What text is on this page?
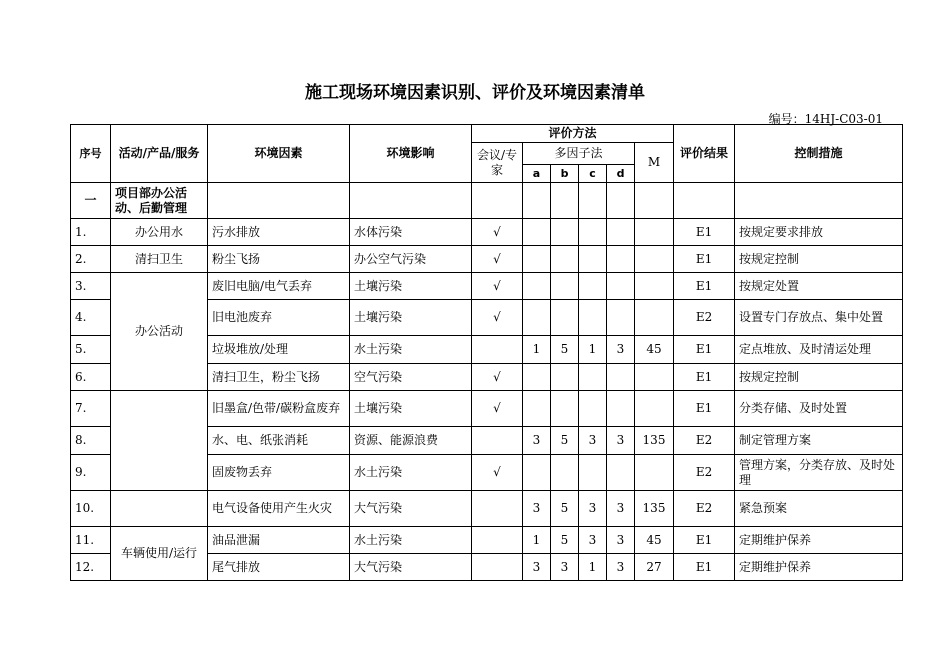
施工现场环境因素识别、评价及环境因素清单
编号：14HJ-C03-01
序号	活动/产品/服务	环境因素	环境影响	评价方法						评价结果	控制措施
				会议/专家	多因子法				M		
					a	b	c	d			
一	项目部办公活动、后勤管理										
1.	办公用水	污水排放	水体污染	√						E1	按规定要求排放
2.	清扫卫生	粉尘飞扬	办公空气污染	√						E1	按规定控制
3.	办公活动	废旧电脑/电气丢弃	土壤污染	√						E1	按规定处置
4.		旧电池废弃	土壤污染	√						E2	设置专门存放点、集中处置
5.		垃圾堆放/处理	水土污染		1	5	1	3	45	E1	定点堆放、及时清运处理
6.		清扫卫生，粉尘飞扬	空气污染	√						E1	按规定控制
7.		旧墨盒/色带/碳粉盒废弃	土壤污染	√						E1	分类存储、及时处置
8.		水、电、纸张消耗	资源、能源浪费		3	5	3	3	135	E2	制定管理方案
9.		固废物丢弃	水土污染	√						E2	管理方案，分类存放、及时处理
10.		电气设备使用产生火灾	大气污染		3	5	3	3	135	E2	紧急预案
11.	车辆使用/运行	油品泄漏	水土污染		1	5	3	3	45	E1	定期维护保养
12.		尾气排放	大气污染		3	3	1	3	27	E1	定期维护保养
